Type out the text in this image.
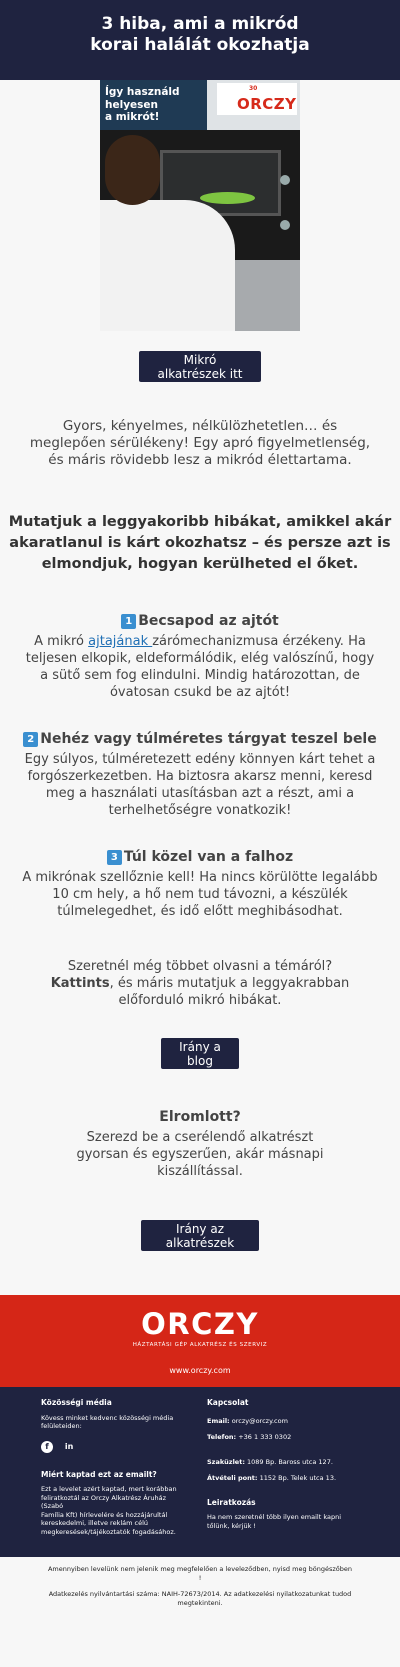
3 hiba, ami a mikród
korai halálát okozhatja
Így használd
helyesen
a mikrót!
30
ORCZY
Mikró alkatrészek itt
Gyors, kényelmes, nélkülözhetetlen… és
meglepően sérülékeny! Egy apró figyelmetlenség,
és máris rövidebb lesz a mikród élettartama.
Mutatjuk a leggyakoribb hibákat, amikkel akár
akaratlanul is kárt okozhatsz – és persze azt is
elmondjuk, hogyan kerülheted el őket.
1 Becsapod az ajtót
A mikró ajtajának zárómechanizmusa érzékeny. Ha
teljesen elkopik, eldeformálódik, elég valószínű, hogy
a sütő sem fog elindulni. Mindig határozottan, de
óvatosan csukd be az ajtót!
2 Nehéz vagy túlméretes tárgyat teszel bele
Egy súlyos, túlméretezett edény könnyen kárt tehet a
forgószerkezetben. Ha biztosra akarsz menni, keresd
meg a használati utasításban azt a részt, ami a
terhelhetőségre vonatkozik!
3 Túl közel van a falhoz
A mikrónak szellőznie kell! Ha nincs körülötte legalább
10 cm hely, a hő nem tud távozni, a készülék
túlmelegedhet, és idő előtt meghibásodhat.
Szeretnél még többet olvasni a témáról?
Kattints, és máris mutatjuk a leggyakrabban
előforduló mikró hibákat.
Irány a blog
Elromlott?
Szerezd be a cserélendő alkatrészt
gyorsan és egyszerűen, akár másnapi
kiszállítással.
Irány az alkatrészek
ORCZY
HÁZTARTÁSI GÉP ALKATRÉSZ ÉS SZERVIZ
www.orczy.com
Közösségi média
Kövess minket kedvenc közösségi média
felületeiden:
f in
Miért kaptad ezt az emailt?
Ezt a levelet azért kaptad, mert korábban
feliratkoztál az Orczy Alkatrész Áruház (Szabó
Família Kft) hírlevelére és hozzájárultál
kereskedelmi, illetve reklám célú
megkeresések/tájékoztatók fogadásához.
Kapcsolat
Email: orczy@orczy.com
Telefon: +36 1 333 0302
Szaküzlet: 1089 Bp. Baross utca 127.
Átvételi pont: 1152 Bp. Telek utca 13.
Leiratkozás
Ha nem szeretnél több ilyen emailt kapni
tőlünk, kérjük !
Amennyiben levelünk nem jelenik meg megfelelően a leveleződben, nyisd meg böngészőben
!
Adatkezelés nyilvántartási száma: NAIH-72673/2014. Az adatkezelési nyilatkozatunkat tudod
megtekinteni.
